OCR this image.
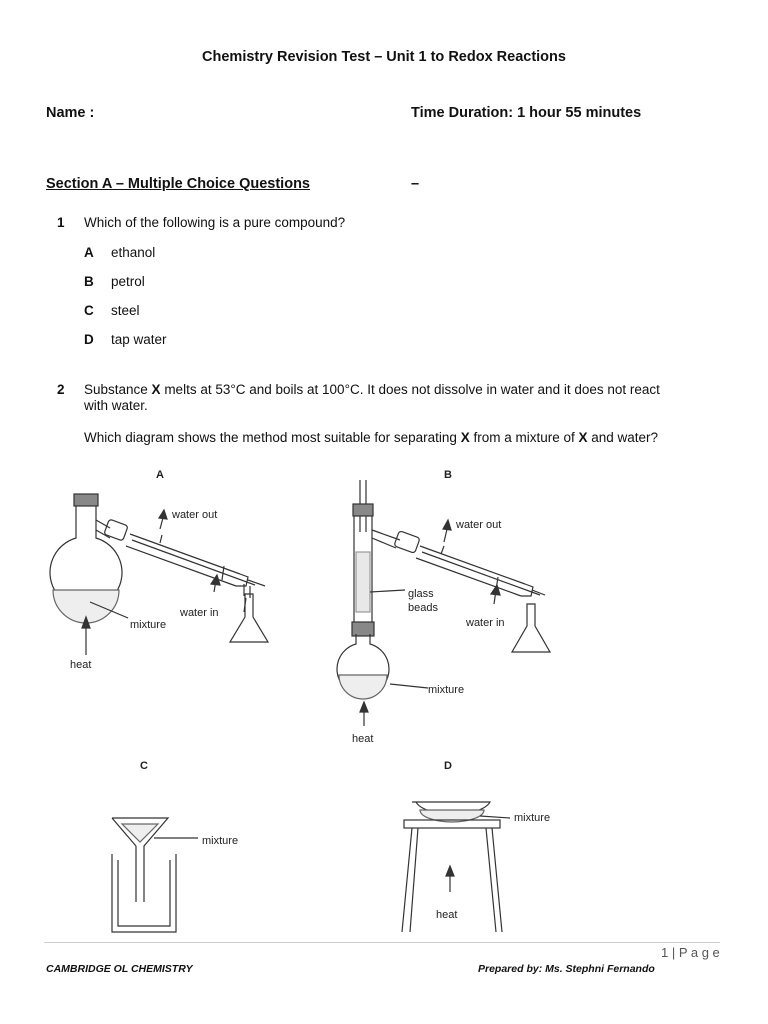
Chemistry Revision Test – Unit 1 to Redox Reactions
Name :	Time Duration: 1 hour 55 minutes
Section A – Multiple Choice Questions	–
1 Which of the following is a pure compound?
A ethanol
B petrol
C steel
D tap water
2 Substance X melts at 53°C and boils at 100°C. It does not dissolve in water and it does not react
with water.
Which diagram shows the method most suitable for separating X from a mixture of X and water?
A
water out
water in
mixture
heat
B
water out
glass
beads
water in
mixture
heat
C
mixture
D
mixture
heat
1 | P a g e
CAMBRIDGE OL CHEMISTRY	Prepared by: Ms. Stephni Fernando
